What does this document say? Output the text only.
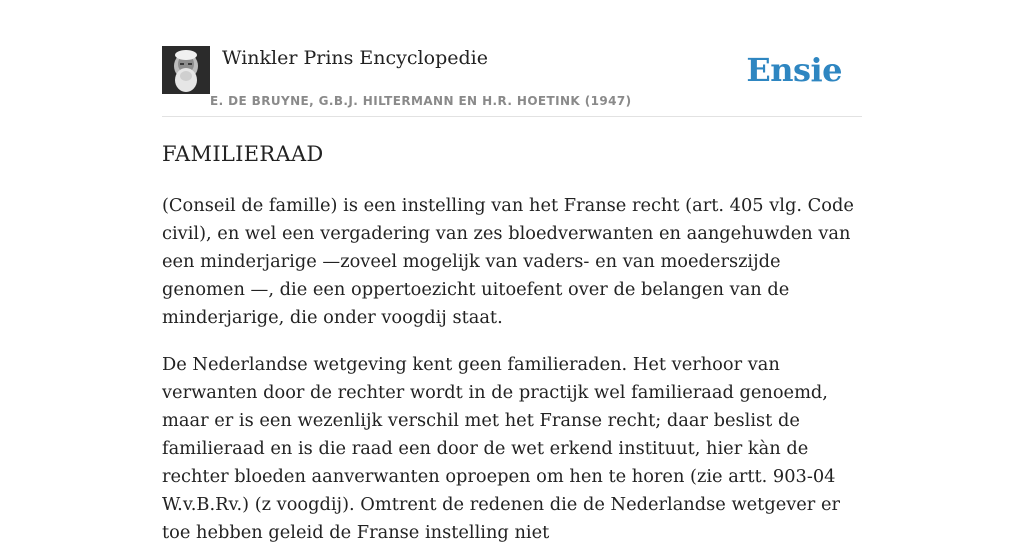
Winkler Prins Encyclopedie
E. DE BRUYNE, G.B.J. HILTERMANN EN H.R. HOETINK (1947)
Ensie
FAMILIERAAD

(Conseil de famille) is een instelling van het Franse recht (art. 405 vlg. Code civil), en wel een vergadering van zes bloedverwanten en aangehuwden van een minderjarige —zoveel mogelijk van vaders- en van moederszijde genomen —, die een oppertoezicht uitoefent over de belangen van de minderjarige, die onder voogdij staat.

De Nederlandse wetgeving kent geen familieraden. Het verhoor van verwanten door de rechter wordt in de practijk wel familieraad genoemd, maar er is een wezenlijk verschil met het Franse recht; daar beslist de familieraad en is die raad een door de wet erkend instituut, hier kàn de rechter bloeden aanverwanten oproepen om hen te horen (zie artt. 903-04 W.v.B.Rv.) (z voogdij). Omtrent de redenen die de Nederlandse wetgever er toe hebben geleid de Franse instelling niet
